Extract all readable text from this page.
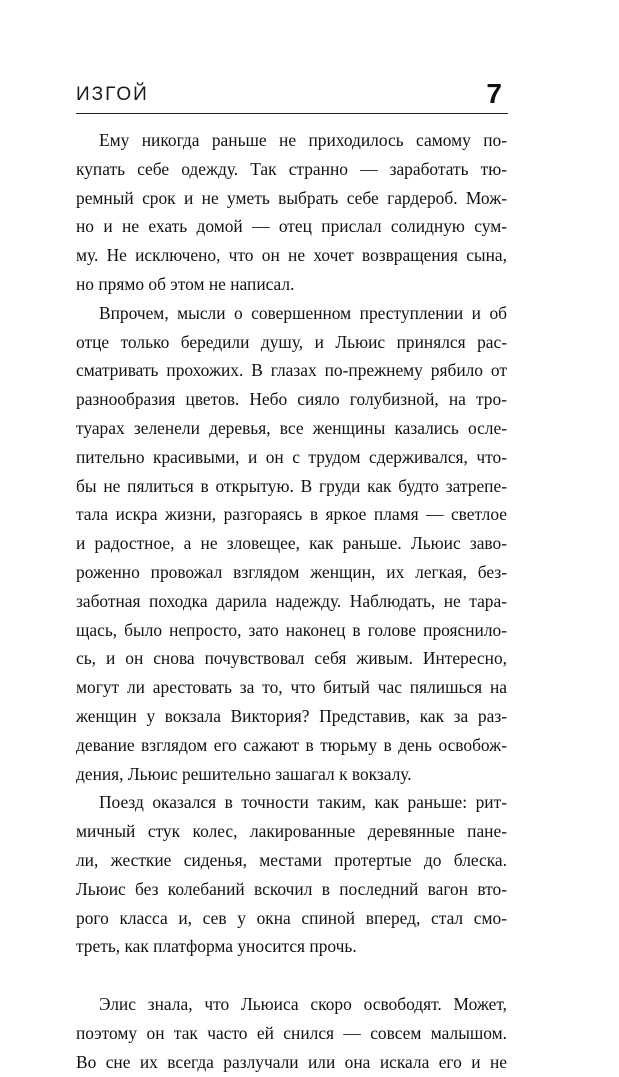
ИЗГОЙ	7
Ему никогда раньше не приходилось самому по-
купать себе одежду. Так странно — заработать тю-
ремный срок и не уметь выбрать себе гардероб. Мож-
но и не ехать домой — отец прислал солидную сум-
му. Не исключено, что он не хочет возвращения сына,
но прямо об этом не написал.
Впрочем, мысли о совершенном преступлении и об
отце только бередили душу, и Льюис принялся рас-
сматривать прохожих. В глазах по-прежнему рябило от
разнообразия цветов. Небо сияло голубизной, на тро-
туарах зеленели деревья, все женщины казались осле-
пительно красивыми, и он с трудом сдерживался, что-
бы не пялиться в открытую. В груди как будто затрепе-
тала искра жизни, разгораясь в яркое пламя — светлое
и радостное, а не зловещее, как раньше. Льюис заво-
роженно провожал взглядом женщин, их легкая, без-
заботная походка дарила надежду. Наблюдать, не тара-
щась, было непросто, зато наконец в голове прояснило-
сь, и он снова почувствовал себя живым. Интересно,
могут ли арестовать за то, что битый час пялишься на
женщин у вокзала Виктория? Представив, как за раз-
девание взглядом его сажают в тюрьму в день освобож-
дения, Льюис решительно зашагал к вокзалу.
Поезд оказался в точности таким, как раньше: рит-
мичный стук колес, лакированные деревянные пане-
ли, жесткие сиденья, местами протертые до блеска.
Льюис без колебаний вскочил в последний вагон вто-
рого класса и, сев у окна спиной вперед, стал смо-
треть, как платформа уносится прочь.
Элис знала, что Льюиса скоро освободят. Может,
поэтому он так часто ей снился — совсем малышом.
Во сне их всегда разлучали или она искала его и не
